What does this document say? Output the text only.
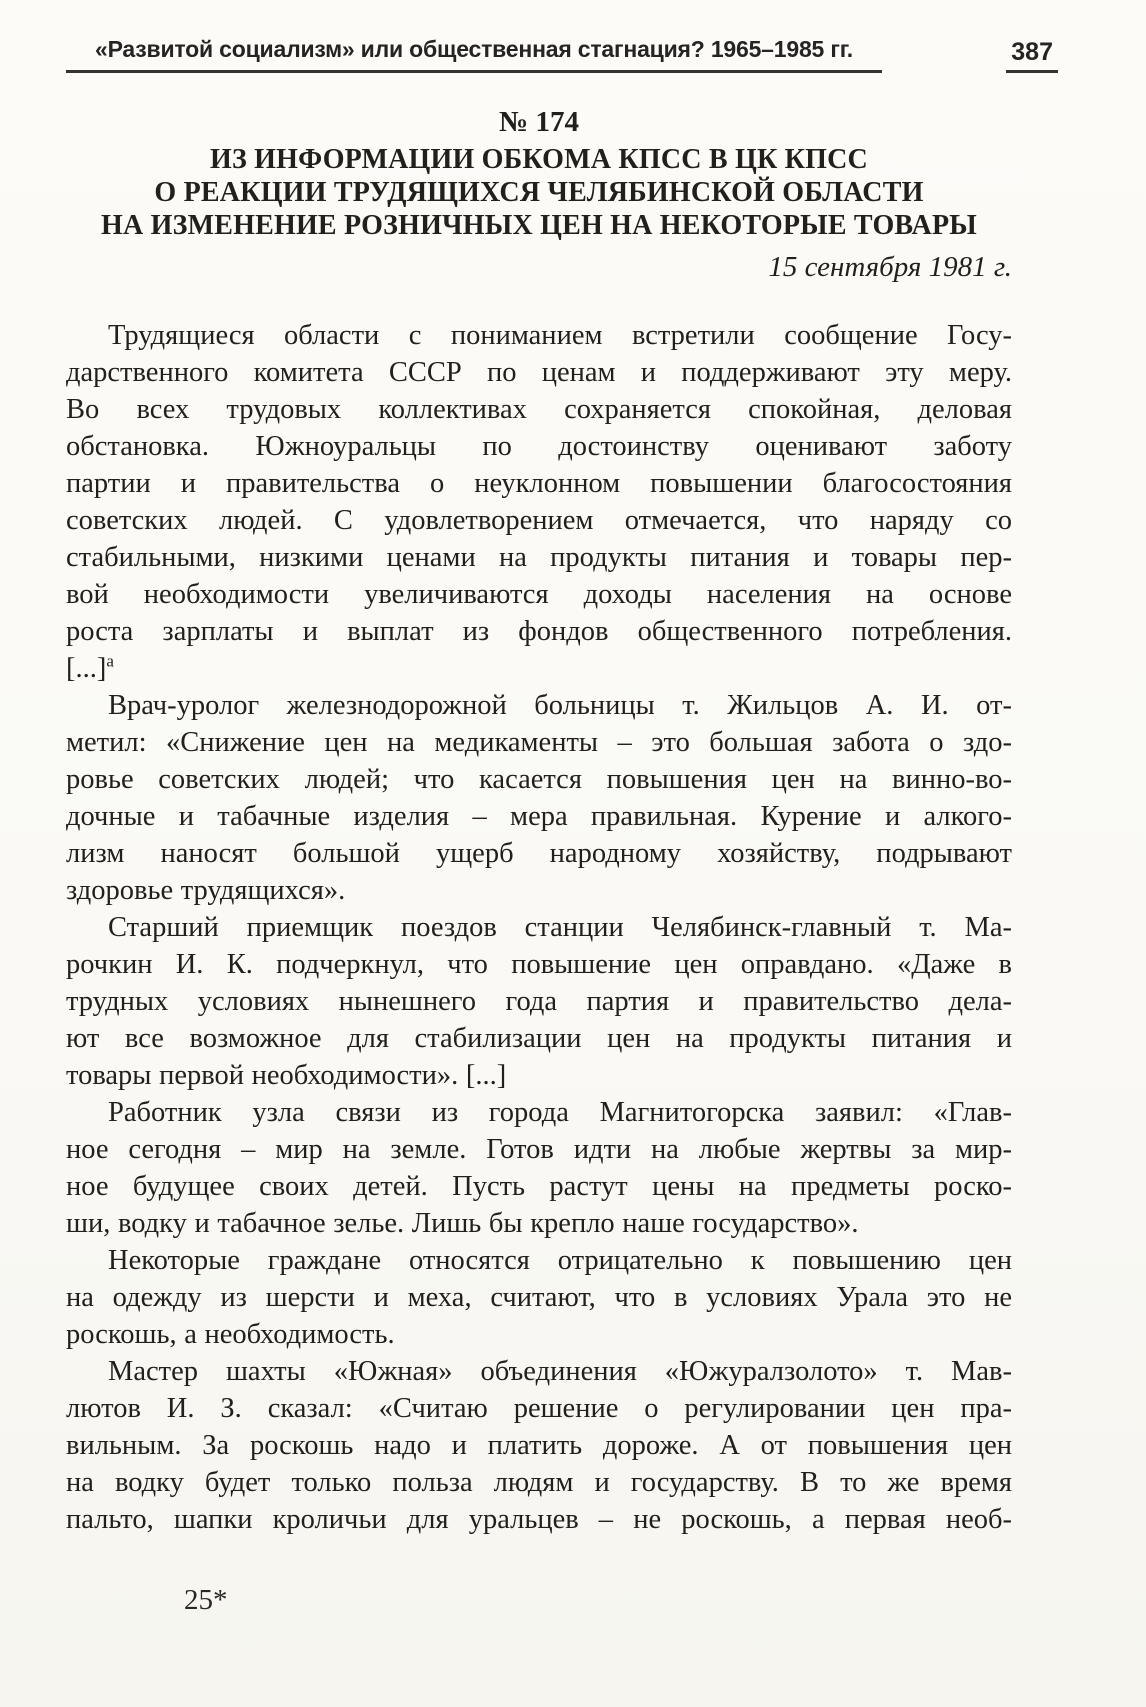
«Развитой социализм» или общественная стагнация? 1965–1985 гг.	387
№ 174
ИЗ ИНФОРМАЦИИ ОБКОМА КПСС В ЦК КПСС
О РЕАКЦИИ ТРУДЯЩИХСЯ ЧЕЛЯБИНСКОЙ ОБЛАСТИ
НА ИЗМЕНЕНИЕ РОЗНИЧНЫХ ЦЕН НА НЕКОТОРЫЕ ТОВАРЫ
15 сентября 1981 г.
Трудящиеся области с пониманием встретили сообщение Госу-
дарственного комитета СССР по ценам и поддерживают эту меру.
Во всех трудовых коллективах сохраняется спокойная, деловая
обстановка. Южноуральцы по достоинству оценивают заботу
партии и правительства о неуклонном повышении благосостояния
советских людей. С удовлетворением отмечается, что наряду со
стабильными, низкими ценами на продукты питания и товары пер-
вой необходимости увеличиваются доходы населения на основе
роста зарплаты и выплат из фондов общественного потребления.
[...]$^а$
Врач-уролог железнодорожной больницы т. Жильцов А. И. от-
метил: «Снижение цен на медикаменты – это большая забота о здо-
ровье советских людей; что касается повышения цен на винно-во-
дочные и табачные изделия – мера правильная. Курение и алкого-
лизм наносят большой ущерб народному хозяйству, подрывают
здоровье трудящихся».
Старший приемщик поездов станции Челябинск-главный т. Ма-
рочкин И. К. подчеркнул, что повышение цен оправдано. «Даже в
трудных условиях нынешнего года партия и правительство дела-
ют все возможное для стабилизации цен на продукты питания и
товары первой необходимости». [...]
Работник узла связи из города Магнитогорска заявил: «Глав-
ное сегодня – мир на земле. Готов идти на любые жертвы за мир-
ное будущее своих детей. Пусть растут цены на предметы роско-
ши, водку и табачное зелье. Лишь бы крепло наше государство».
Некоторые граждане относятся отрицательно к повышению цен
на одежду из шерсти и меха, считают, что в условиях Урала это не
роскошь, а необходимость.
Мастер шахты «Южная» объединения «Южуралзолото» т. Мав-
лютов И. З. сказал: «Считаю решение о регулировании цен пра-
вильным. За роскошь надо и платить дороже. А от повышения цен
на водку будет только польза людям и государству. В то же время
пальто, шапки кроличьи для уральцев – не роскошь, а первая необ-
25*
